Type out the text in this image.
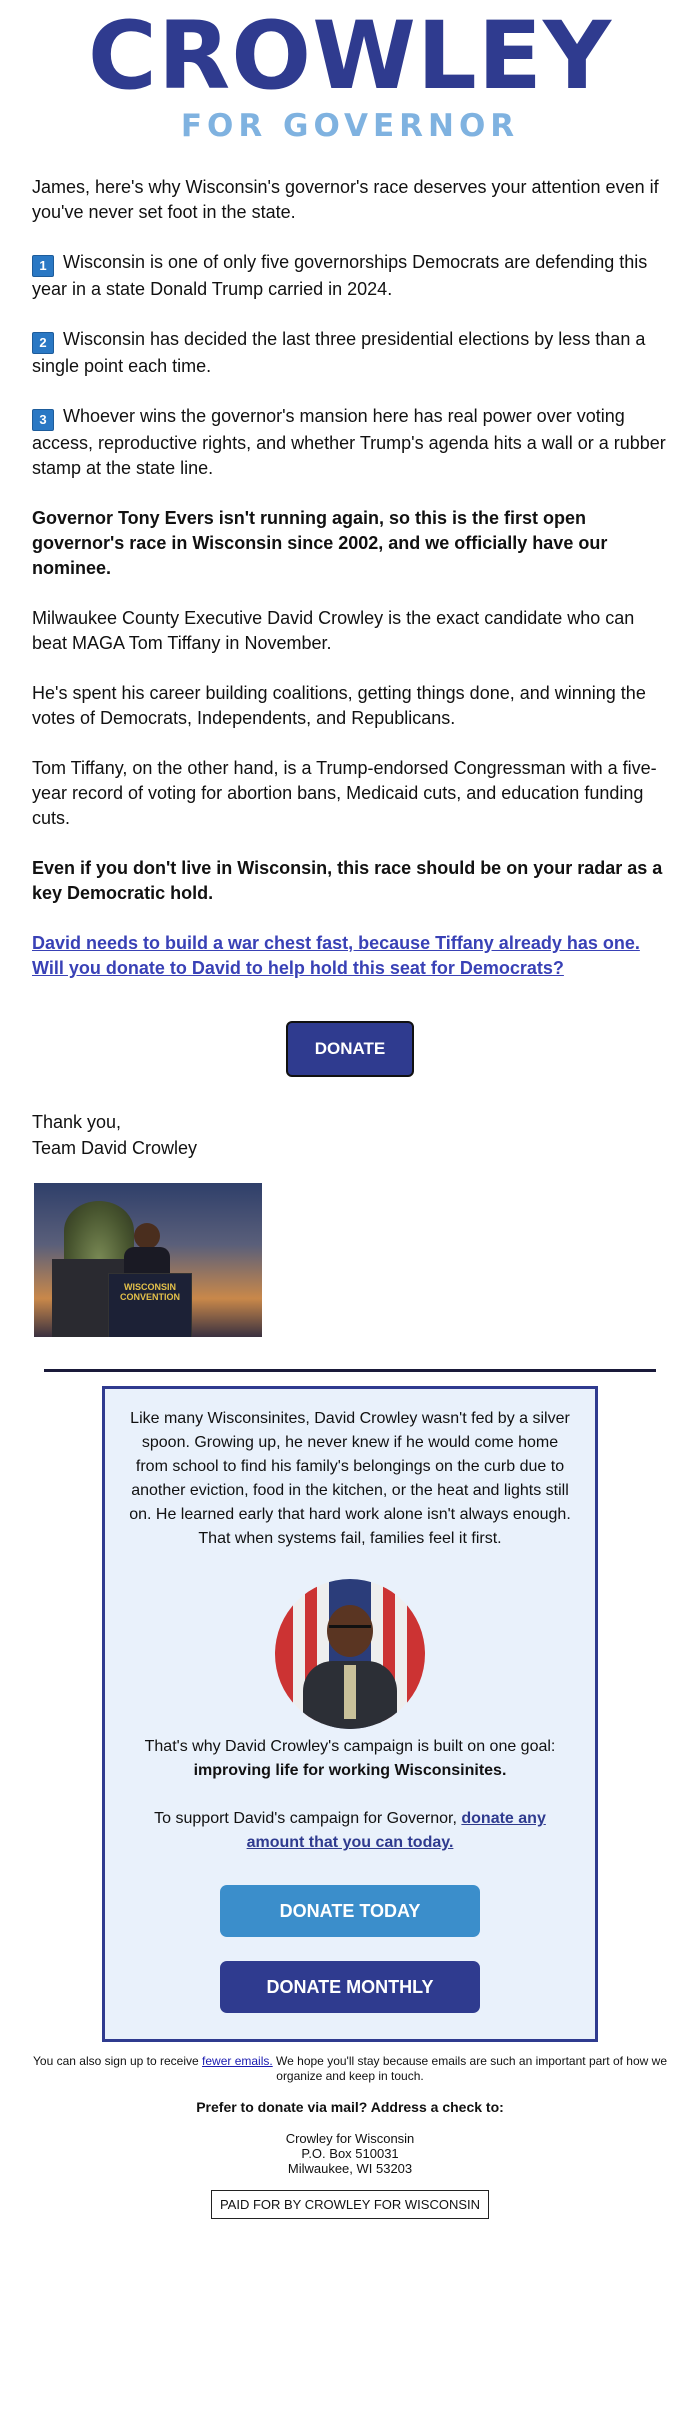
CROWLEY
FOR GOVERNOR

James, here's why Wisconsin's governor's race deserves your attention even if you've never set foot in the state.

1 Wisconsin is one of only five governorships Democrats are defending this year in a state Donald Trump carried in 2024.

2 Wisconsin has decided the last three presidential elections by less than a single point each time.

3 Whoever wins the governor's mansion here has real power over voting access, reproductive rights, and whether Trump's agenda hits a wall or a rubber stamp at the state line.

Governor Tony Evers isn't running again, so this is the first open governor's race in Wisconsin since 2002, and we officially have our nominee.

Milwaukee County Executive David Crowley is the exact candidate who can beat MAGA Tom Tiffany in November.

He's spent his career building coalitions, getting things done, and winning the votes of Democrats, Independents, and Republicans.

Tom Tiffany, on the other hand, is a Trump-endorsed Congressman with a five-year record of voting for abortion bans, Medicaid cuts, and education funding cuts.

Even if you don't live in Wisconsin, this race should be on your radar as a key Democratic hold.

David needs to build a war chest fast, because Tiffany already has one. Will you donate to David to help hold this seat for Democrats?

DONATE
Thank you,
Team David Crowley
WISCONSIN CONVENTION

Like many Wisconsinites, David Crowley wasn't fed by a silver spoon. Growing up, he never knew if he would come home from school to find his family's belongings on the curb due to another eviction, food in the kitchen, or the heat and lights still on. He learned early that hard work alone isn't always enough. That when systems fail, families feel it first.

That's why David Crowley's campaign is built on one goal:

improving life for working Wisconsinites.

To support David's campaign for Governor, donate any amount that you can today.

DONATE TODAY
DONATE MONTHLY
You can also sign up to receive fewer emails. We hope you'll stay because emails are such an important part of how we organize and keep in touch.
Prefer to donate via mail? Address a check to:
Crowley for Wisconsin
P.O. Box 510031
Milwaukee, WI 53203
PAID FOR BY CROWLEY FOR WISCONSIN
